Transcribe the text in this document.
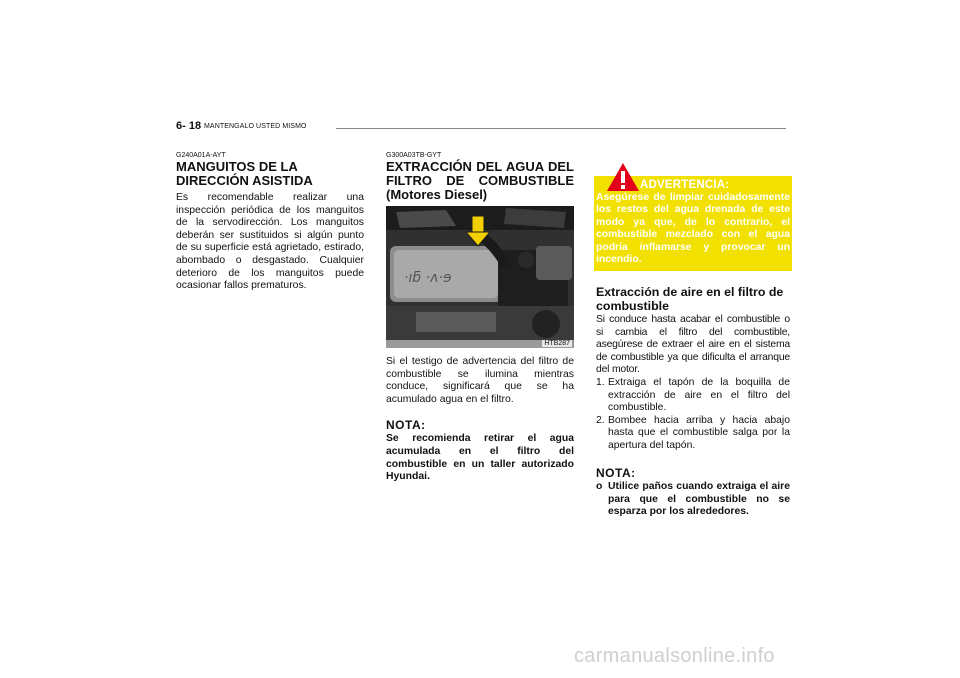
6- 18 MANTENGALO USTED MISMO
G240A01A-AYT
MANGUITOS DE LA DIRECCIÓN ASISTIDA

Es recomendable realizar una inspección periódica de los manguitos de la servodirección. Los manguitos deberán ser sustituidos si algún punto de su superficie está agrietado, estirado, abombado o desgastado. Cualquier deterioro de los manguitos puede ocasionar fallos prematuros.

G300A03TB-GYT
EXTRACCIÓN DEL AGUA DEL FILTRO DE COMBUSTIBLE
(Motores Diesel)
·ıƃ ·ʌ·ɘ
HTB287

Si el testigo de advertencia del filtro de combustible se ilumina mientras conduce, significará que se ha acumulado agua en el filtro.

NOTA:

Se recomienda retirar el agua acumulada en el filtro del combustible en un taller autorizado Hyundai.

ADVERTENCIA:

Asegúrese de limpiar cuidadosamente los restos del agua drenada de este modo ya que, de lo contrario, el combustible mezclado con el agua podría inflamarse y provocar un incendio.

Extracción de aire en el filtro de combustible

Si conduce hasta acabar el combustible o si cambia el filtro del combustible, asegúrese de extraer el aire en el sistema de combustible ya que dificulta el arranque del motor.

1. Extraiga el tapón de la boquilla de extracción de aire en el filtro del combustible.
2. Bombee hacia arriba y hacia abajo hasta que el combustible salga por la apertura del tapón.
NOTA:
o Utilice paños cuando extraiga el aire para que el combustible no se esparza por los alrededores.
carmanualsonline.info
